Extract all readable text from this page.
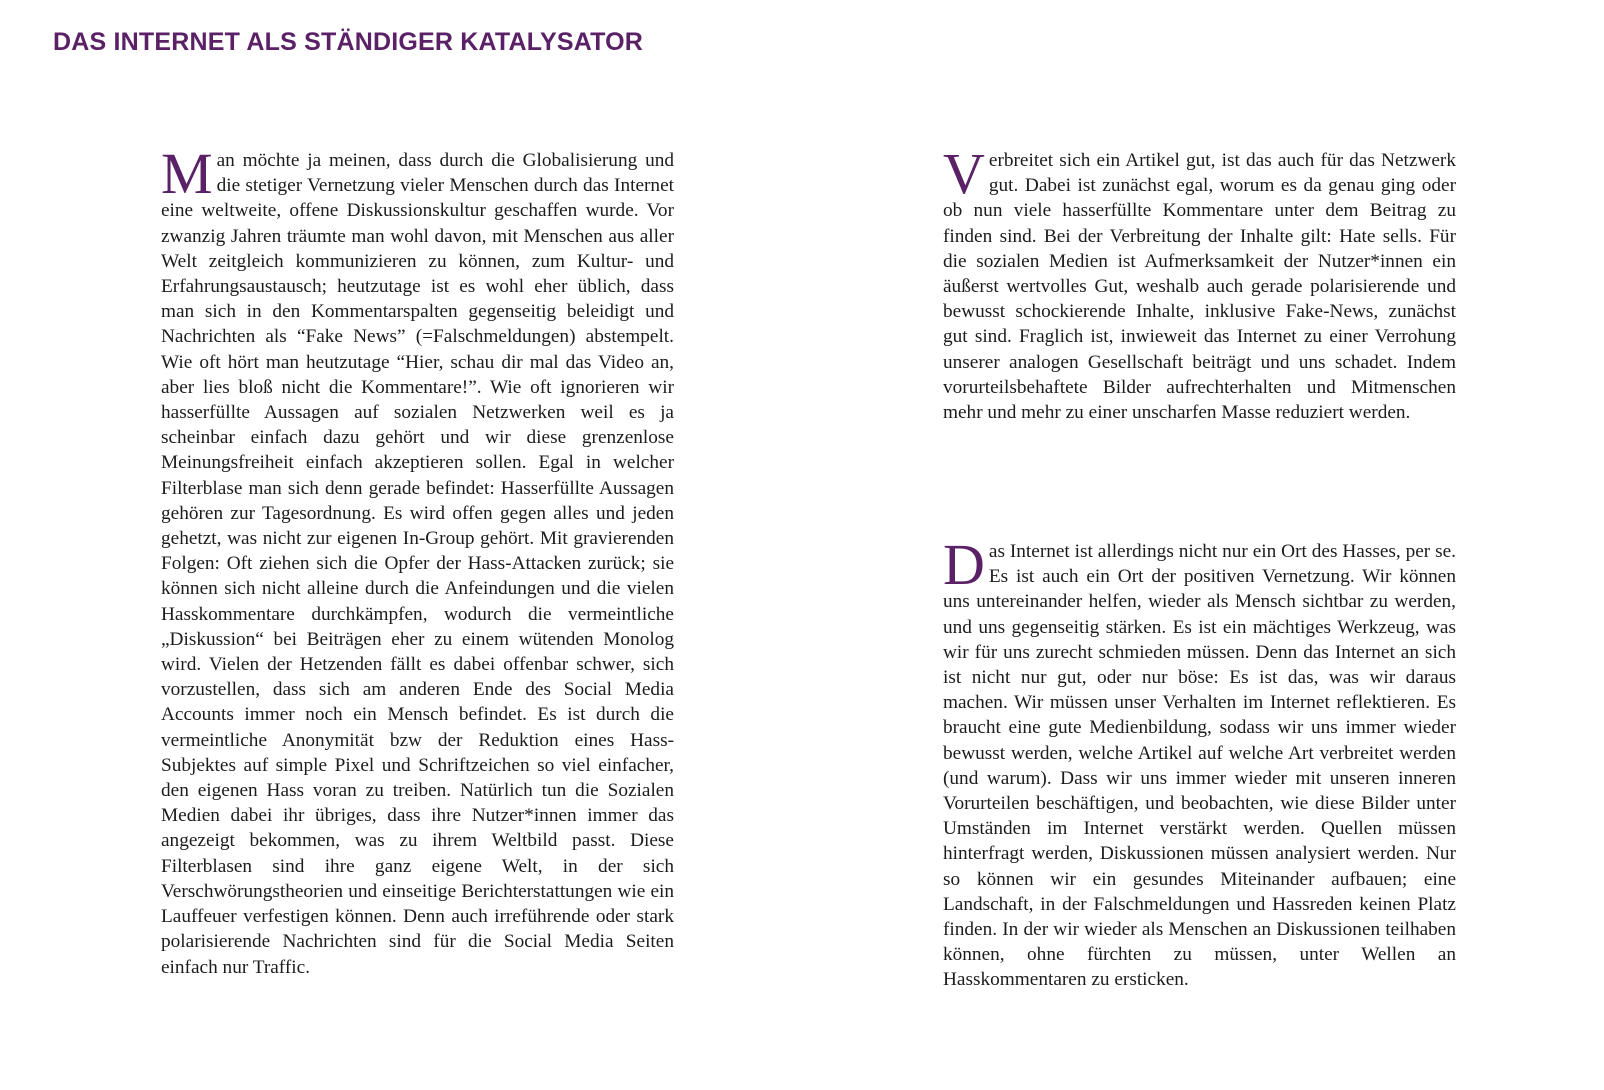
DAS INTERNET ALS STÄNDIGER KATALYSATOR

Man möchte ja meinen, dass durch die Globalisierung und die stetiger Vernetzung vieler Menschen durch das Internet eine weltweite, offene Diskussionskultur geschaffen wurde. Vor zwanzig Jahren träumte man wohl davon, mit Menschen aus aller Welt zeitgleich kommunizieren zu können, zum Kultur- und Erfahrungsaustausch; heutzutage ist es wohl eher üblich, dass man sich in den Kommentarspalten gegenseitig beleidigt und Nachrichten als “Fake News” (=Falschmeldungen) abstempelt. Wie oft hört man heutzutage “Hier, schau dir mal das Video an, aber lies bloß nicht die Kommentare!”. Wie oft ignorieren wir hasserfüllte Aussagen auf sozialen Netzwerken weil es ja scheinbar einfach dazu gehört und wir diese grenzenlose Meinungsfreiheit einfach akzeptieren sollen. Egal in welcher Filterblase man sich denn gerade befindet: Hasserfüllte Aussagen gehören zur Tagesordnung. Es wird offen gegen alles und jeden gehetzt, was nicht zur eigenen In-Group gehört. Mit gravierenden Folgen: Oft ziehen sich die Opfer der Hass-Attacken zurück; sie können sich nicht alleine durch die Anfeindungen und die vielen Hasskommentare durchkämpfen, wodurch die vermeintliche „Diskussion“ bei Beiträgen eher zu einem wütenden Monolog wird. Vielen der Hetzenden fällt es dabei offenbar schwer, sich vorzustellen, dass sich am anderen Ende des Social Media Accounts immer noch ein Mensch befindet. Es ist durch die vermeintliche Anonymität bzw der Reduktion eines Hass-Subjektes auf simple Pixel und Schriftzeichen so viel einfacher, den eigenen Hass voran zu treiben. Natürlich tun die Sozialen Medien dabei ihr übriges, dass ihre Nutzer*innen immer das angezeigt bekommen, was zu ihrem Weltbild passt. Diese Filterblasen sind ihre ganz eigene Welt, in der sich Verschwörungstheorien und einseitige Berichterstattungen wie ein Lauffeuer verfestigen können. Denn auch irreführende oder stark polarisierende Nachrichten sind für die Social Media Seiten einfach nur Traffic.

Verbreitet sich ein Artikel gut, ist das auch für das Netzwerk gut. Dabei ist zunächst egal, worum es da genau ging oder ob nun viele hasserfüllte Kommentare unter dem Beitrag zu finden sind. Bei der Verbreitung der Inhalte gilt: Hate sells. Für die sozialen Medien ist Aufmerksamkeit der Nutzer*innen ein äußerst wertvolles Gut, weshalb auch gerade polarisierende und bewusst schockierende Inhalte, inklusive Fake-News, zunächst gut sind. Fraglich ist, inwieweit das Internet zu einer Verrohung unserer analogen Gesellschaft beiträgt und uns schadet. Indem vorurteilsbehaftete Bilder aufrechterhalten und Mitmenschen mehr und mehr zu einer unscharfen Masse reduziert werden.

Das Internet ist allerdings nicht nur ein Ort des Hasses, per se. Es ist auch ein Ort der positiven Vernetzung. Wir können uns untereinander helfen, wieder als Mensch sichtbar zu werden, und uns gegenseitig stärken. Es ist ein mächtiges Werkzeug, was wir für uns zurecht schmieden müssen. Denn das Internet an sich ist nicht nur gut, oder nur böse: Es ist das, was wir daraus machen. Wir müssen unser Verhalten im Internet reflektieren. Es braucht eine gute Medienbildung, sodass wir uns immer wieder bewusst werden, welche Artikel auf welche Art verbreitet werden (und warum). Dass wir uns immer wieder mit unseren inneren Vorurteilen beschäftigen, und beobachten, wie diese Bilder unter Umständen im Internet verstärkt werden. Quellen müssen hinterfragt werden, Diskussionen müssen analysiert werden. Nur so können wir ein gesundes Miteinander aufbauen; eine Landschaft, in der Falschmeldungen und Hassreden keinen Platz finden. In der wir wieder als Menschen an Diskussionen teilhaben können, ohne fürchten zu müssen, unter Wellen an Hasskommentaren zu ersticken.
